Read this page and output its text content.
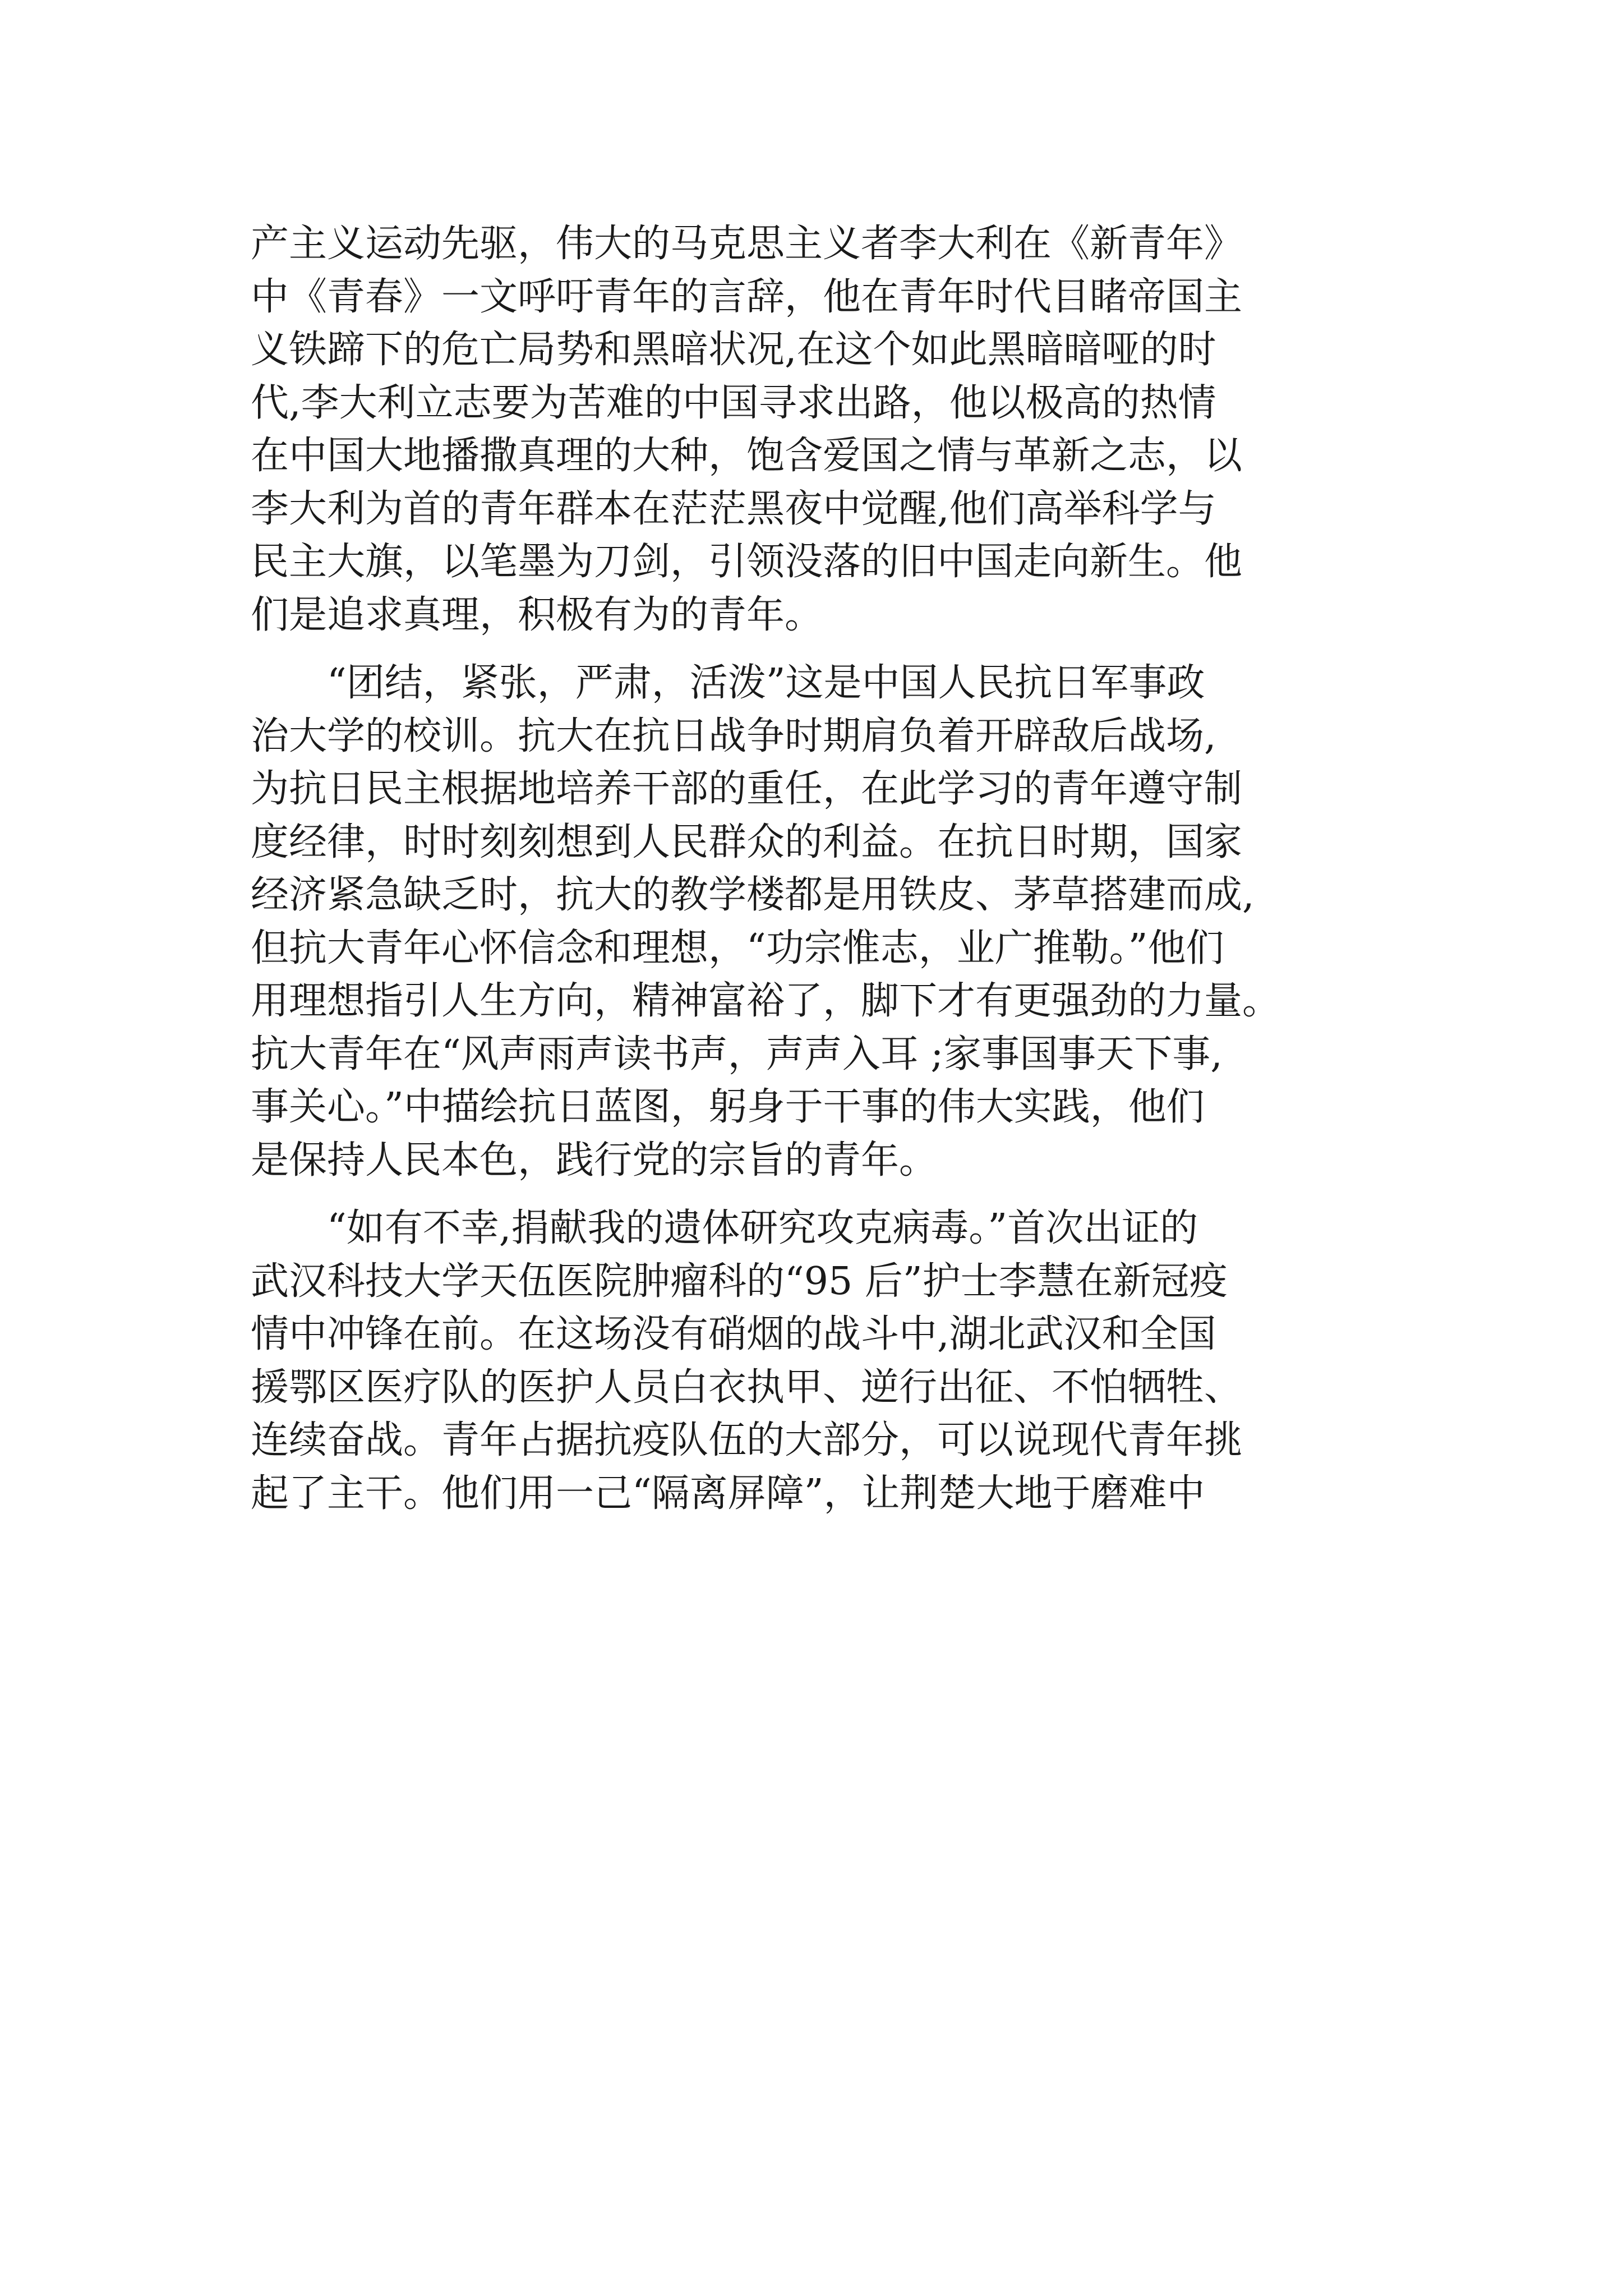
产主义运动先驱，伟大的马克思主义者李大利在《新青年》
中《青春》一文呼吁青年的言辞，他在青年时代目睹帝国主
义铁蹄下的危亡局势和黑暗状况,在这个如此黑暗暗哑的时
代,李大利立志要为苦难的中国寻求出路，他以极高的热情
在中国大地播撒真理的大种，饱含爱国之情与革新之志，以
李大利为首的青年群本在茫茫黑夜中觉醒,他们高举科学与
民主大旗，以笔墨为刀剑，引领没落的旧中国走向新生。他
们是追求真理，积极有为的青年。
　　“团结，紧张，严肃，活泼”这是中国人民抗日军事政
治大学的校训。抗大在抗日战争时期肩负着开辟敌后战场,
为抗日民主根据地培养干部的重任，在此学习的青年遵守制
度经律，时时刻刻想到人民群众的利益。在抗日时期，国家
经济紧急缺乏时，抗大的教学楼都是用铁皮、茅草搭建而成,
但抗大青年心怀信念和理想，“功宗惟志，业广推勒。”他们
用理想指引人生方向，精神富裕了，脚下才有更强劲的力量。
抗大青年在“风声雨声读书声，声声入耳 ;家事国事天下事,
事关心。”中描绘抗日蓝图，躬身于干事的伟大实践，他们
是保持人民本色，践行党的宗旨的青年。
　　“如有不幸,捐献我的遗体研究攻克病毒。”首次出证的
武汉科技大学天伍医院肿瘤科的“95 后”护士李慧在新冠疫
情中冲锋在前。在这场没有硝烟的战斗中,湖北武汉和全国
援鄂区医疗队的医护人员白衣执甲、逆行出征、不怕牺牲、
连续奋战。青年占据抗疫队伍的大部分，可以说现代青年挑
起了主干。他们用一己“隔离屏障”，让荆楚大地于磨难中
